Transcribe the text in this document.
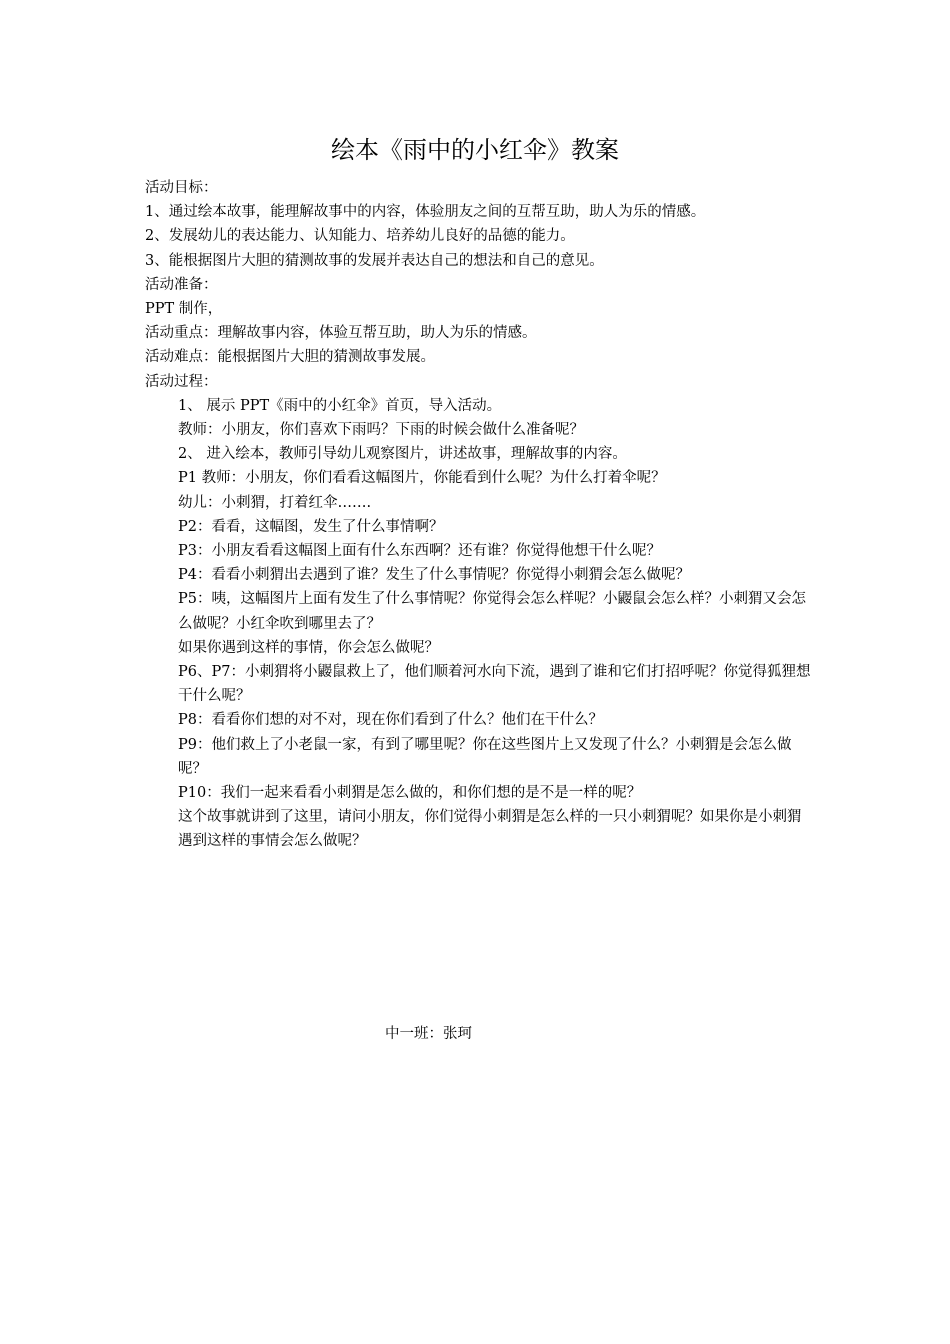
绘本《雨中的小红伞》教案

活动目标：

1、通过绘本故事，能理解故事中的内容，体验朋友之间的互帮互助，助人为乐的情感。

2、发展幼儿的表达能力、认知能力、培养幼儿良好的品德的能力。

3、能根据图片大胆的猜测故事的发展并表达自己的想法和自己的意见。

活动准备：

PPT 制作，

活动重点：理解故事内容，体验互帮互助，助人为乐的情感。

活动难点：能根据图片大胆的猜测故事发展。

活动过程：

1、 展示 PPT《雨中的小红伞》首页，导入活动。

教师：小朋友，你们喜欢下雨吗？下雨的时候会做什么准备呢？

2、 进入绘本，教师引导幼儿观察图片，讲述故事，理解故事的内容。

P1 教师：小朋友，你们看看这幅图片，你能看到什么呢？为什么打着伞呢？

幼儿：小刺猬，打着红伞…….

P2：看看，这幅图，发生了什么事情啊？

P3：小朋友看看这幅图上面有什么东西啊？还有谁？你觉得他想干什么呢？

P4：看看小刺猬出去遇到了谁？发生了什么事情呢？你觉得小刺猬会怎么做呢？

P5：咦，这幅图片上面有发生了什么事情呢？你觉得会怎么样呢？小鼹鼠会怎么样？小刺猬又会怎么做呢？小红伞吹到哪里去了？

如果你遇到这样的事情，你会怎么做呢？

P6、P7：小刺猬将小鼹鼠救上了，他们顺着河水向下流，遇到了谁和它们打招呼呢？你觉得狐狸想干什么呢？

P8：看看你们想的对不对，现在你们看到了什么？他们在干什么？

P9：他们救上了小老鼠一家，有到了哪里呢？你在这些图片上又发现了什么？小刺猬是会怎么做呢？

P10：我们一起来看看小刺猬是怎么做的，和你们想的是不是一样的呢？

这个故事就讲到了这里，请问小朋友，你们觉得小刺猬是怎么样的一只小刺猬呢？如果你是小刺猬遇到这样的事情会怎么做呢？

中一班：张珂
